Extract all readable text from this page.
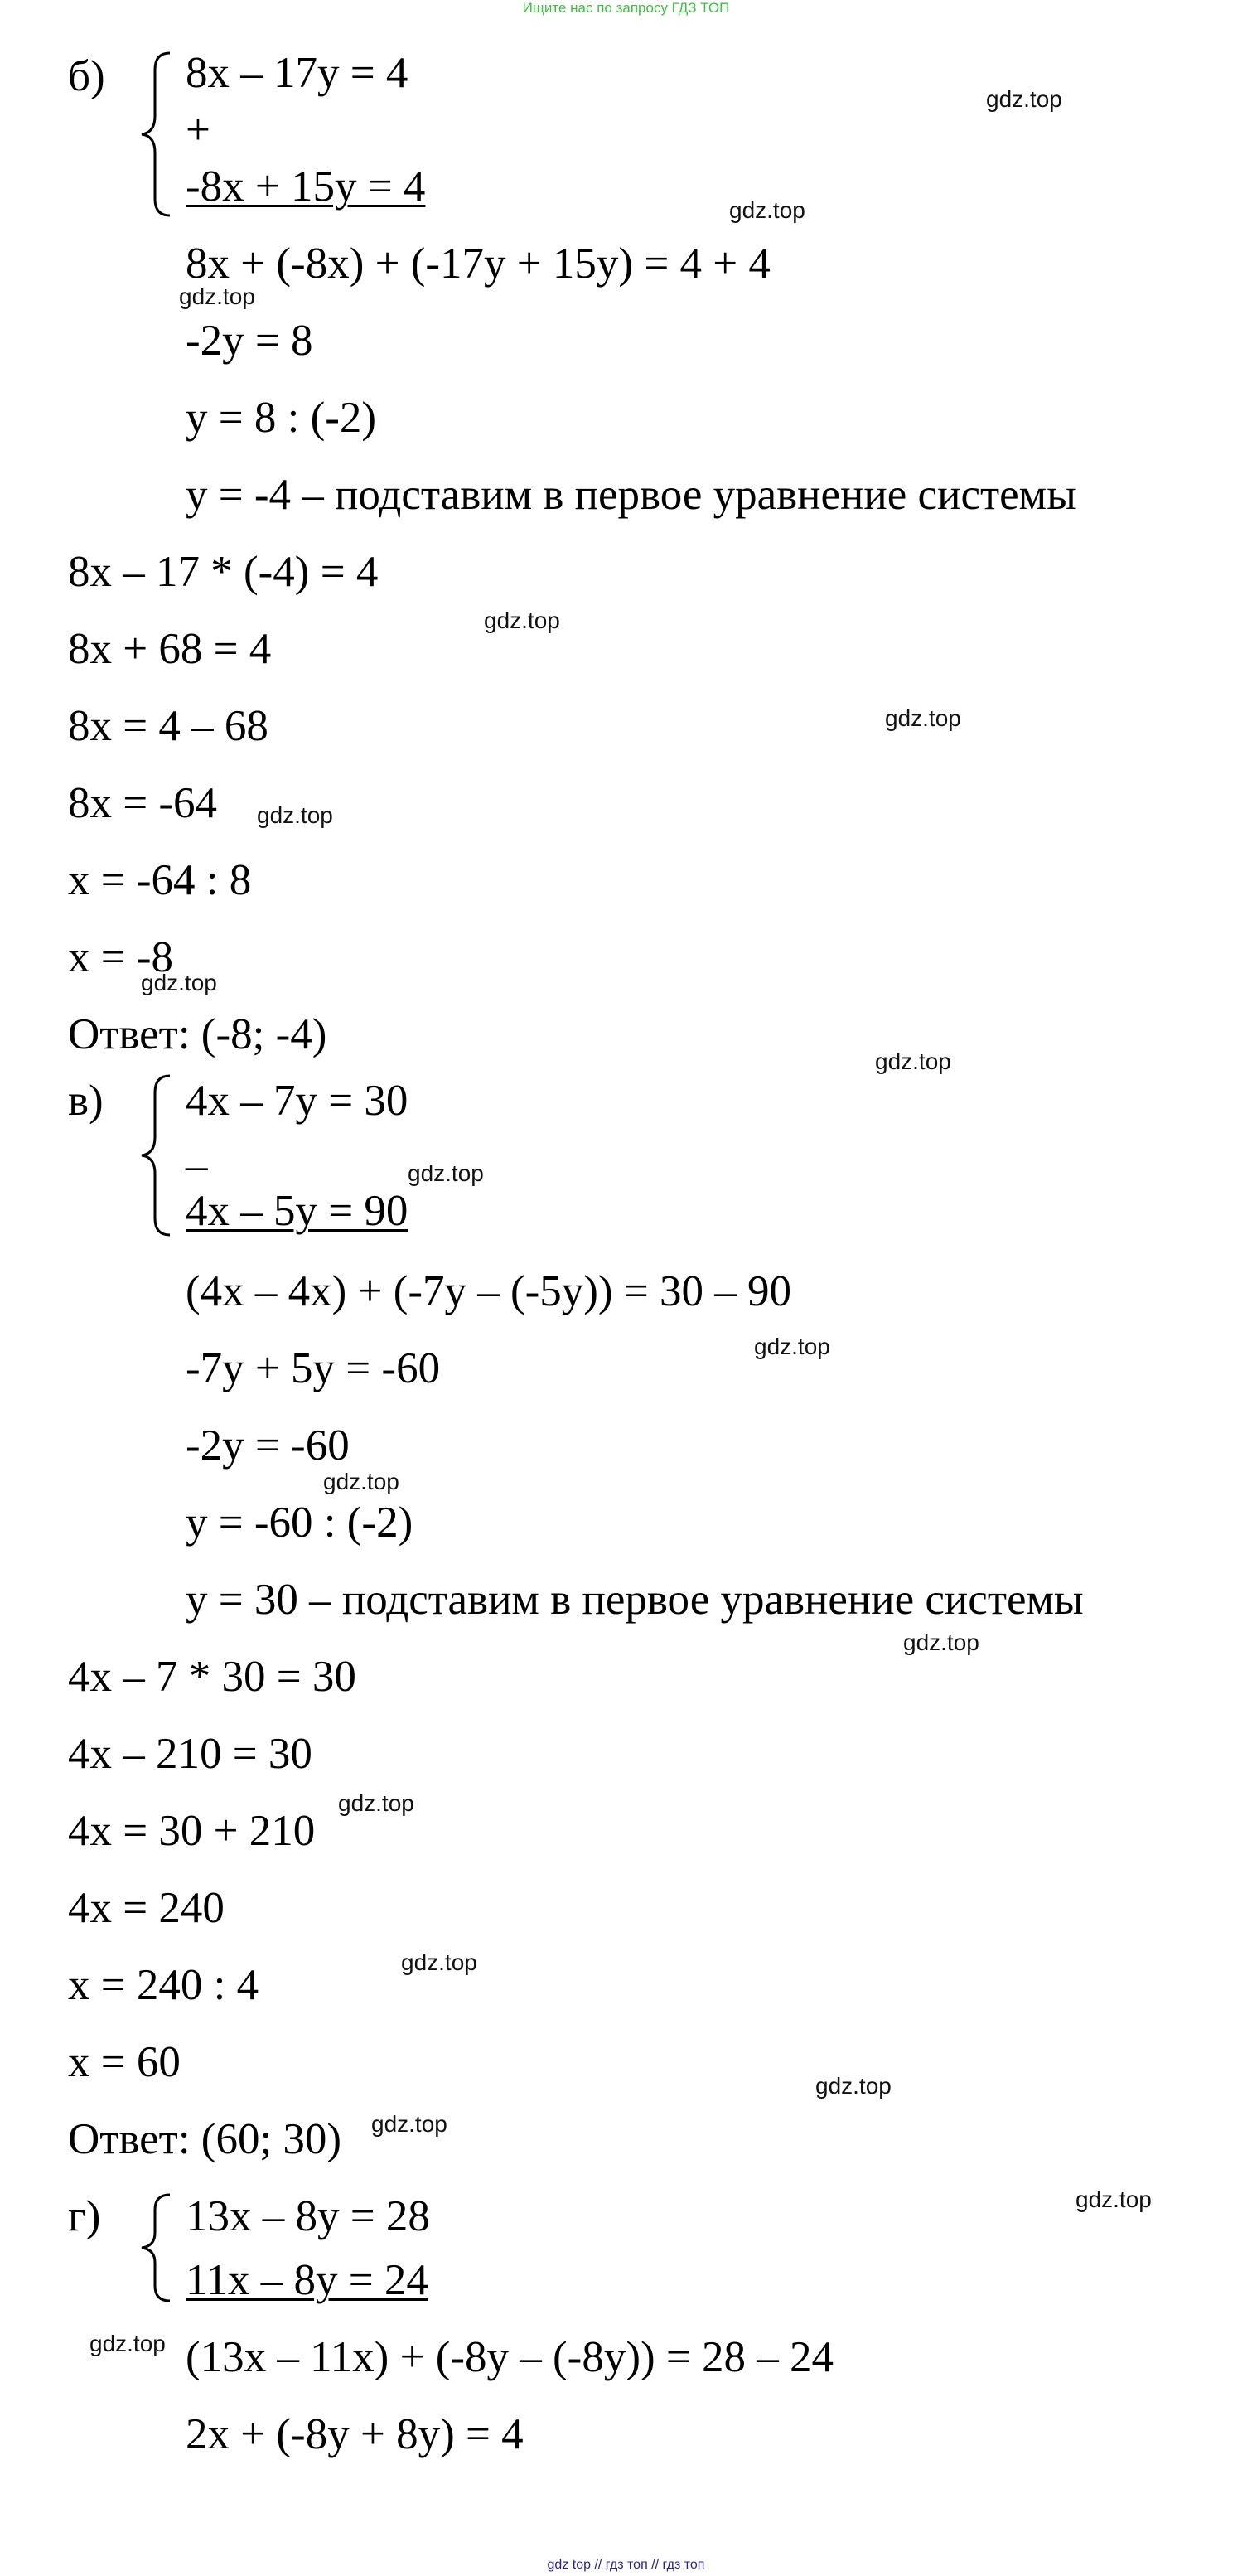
Ищите нас по запросу ГДЗ ТОП
б) 8x – 17y = 4
+
-8x + 15y = 4
8x + (-8x) + (-17y + 15y) = 4 + 4
-2y = 8
y = 8 : (-2)
y = -4 – подставим в первое уравнение системы
8x – 17 * (-4) = 4
8x + 68 = 4
8x = 4 – 68
8x = -64
x = -64 : 8
x = -8
Ответ: (-8; -4)
в) 4x – 7y = 30
_
4x – 5y = 90
(4x – 4x) + (-7y – (-5y)) = 30 – 90
-7y + 5y = -60
-2y = -60
y = -60 : (-2)
y = 30 – подставим в первое уравнение системы
4x – 7 * 30 = 30
4x – 210 = 30
4x = 30 + 210
4x = 240
x = 240 : 4
x = 60
Ответ: (60; 30)
г) 13x – 8y = 28
11x – 8y = 24
(13x – 11x) + (-8y – (-8y)) = 28 – 24
2x + (-8y + 8y) = 4
gdz.top
gdz.top
gdz.top
gdz.top
gdz.top
gdz.top
gdz.top
gdz.top
gdz.top
gdz.top
gdz.top
gdz.top
gdz.top
gdz.top
gdz.top
gdz.top
gdz.top
gdz.top
gdz top // гдз топ // гдз топ
